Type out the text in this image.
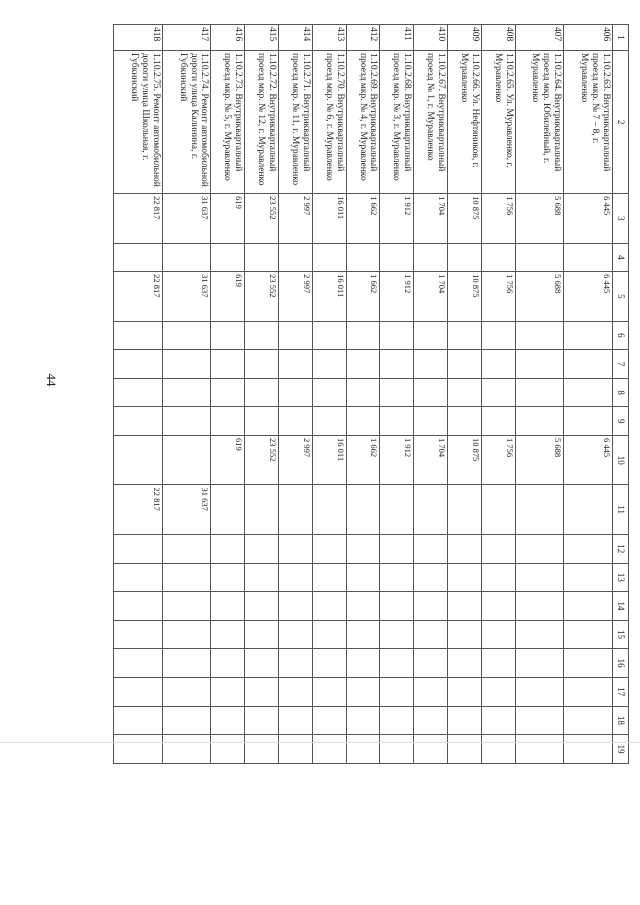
44
1	2	3	4	5	6	7	8	9	10	11	12	13	14	15	16	17	18	19
406	1.10.2.63. Внутрикварталный проезд мкр. № 7 – 8, г. Муравленко	6 445		6 445					6 445									
407	1.10.2.64. Внутрикварталный проезд мкр. Юбилейный, г. Муравленко	5 688		5 688					5 688									
408	1.10.2.65. Ул. Муравленко, г. Муравленко	1 756		1 756					1 756									
409	1.10.2.66. Ул. Нефтяников, г. Муравленко	10 875		10 875					10 875									
410	1.10.2.67. Внутрикварталный проезд № 1, г. Муравленко	1 704		1 704					1 704									
411	1.10.2.68. Внутрикварталный проезд мкр. № 3, г. Муравленко	1 912		1 912					1 912									
412	1.10.2.69. Внутрикварталный проезд мкр. № 4, г. Муравленко	1 662		1 662					1 662									
413	1.10.2.70. Внутрикварталный проезд мкр. № 6, г. Муравленко	16 011		16 011					16 011									
414	1.10.2.71. Внутрикварталный проезд мкр. № 11, г. Муравленко	2 997		2 997					2 997									
415	1.10.2.72. Внутрикварталный проезд мкр. № 12, г. Муравленко	23 552		23 552					23 552									
416	1.10.2.73. Внутрикварталный проезд мкр. № 5, г. Муравленко	619		619					619									
417	1.10.2.74. Ремонт автомобильной дороги улица Калинина, г. Губкинский	31 637		31 637						31 637								
418	1.10.2.75. Ремонт автомобильной дороги улица Школьная, г. Губкинский	22 817		22 817						22 817								
